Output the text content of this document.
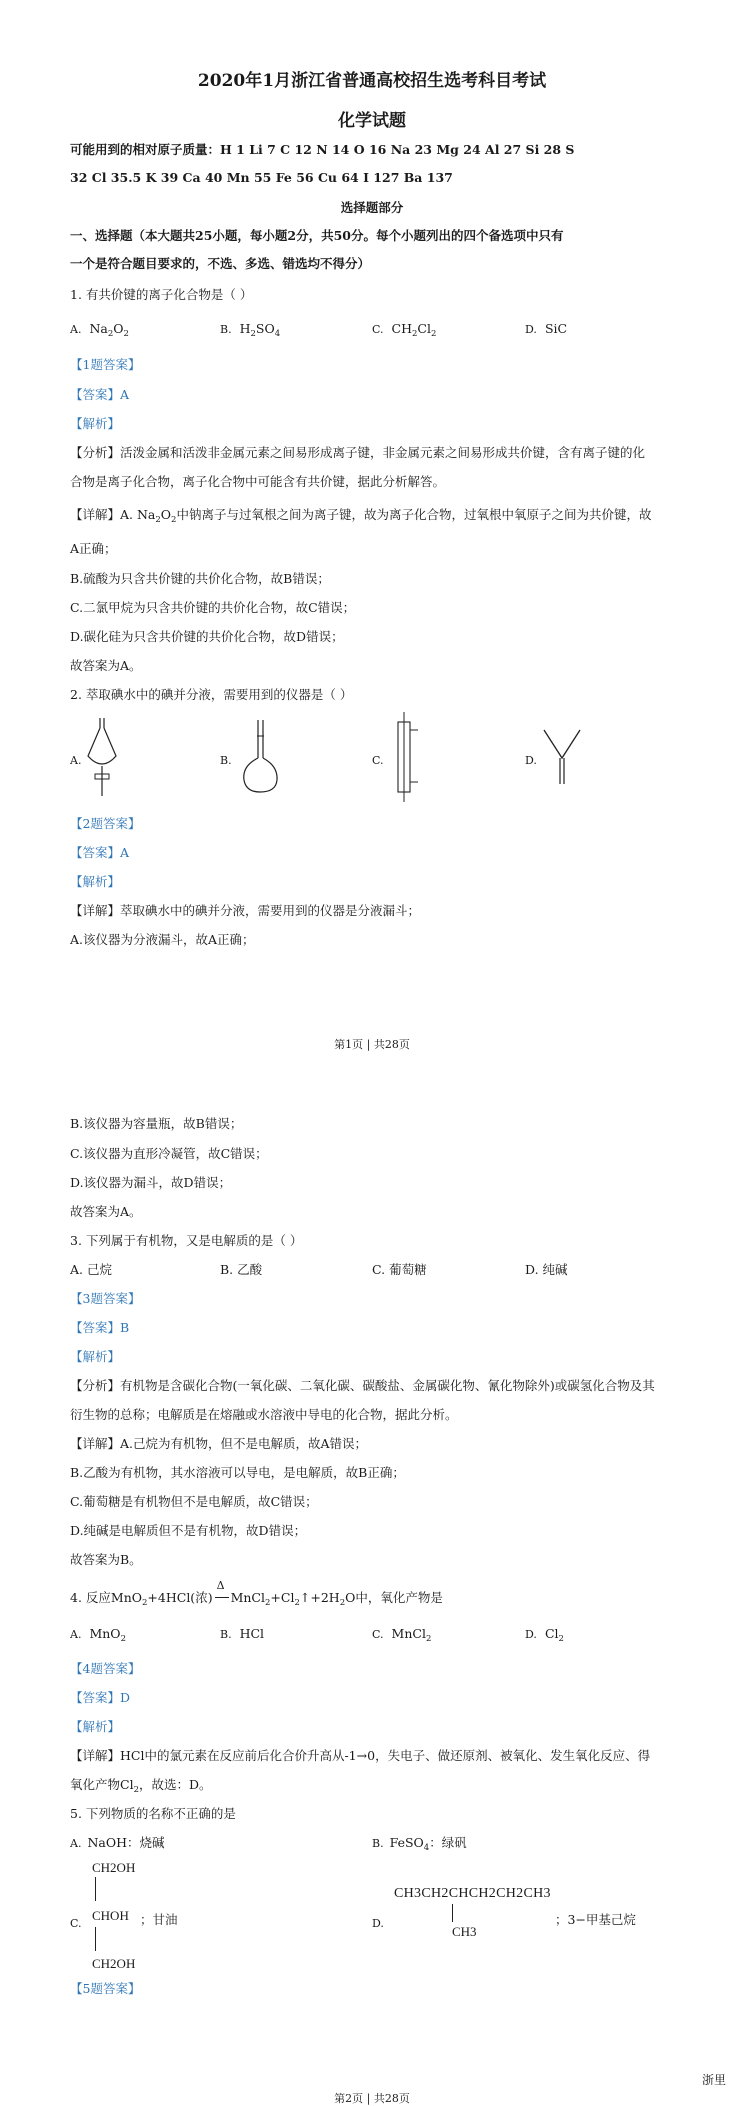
2020年1月浙江省普通高校招生选考科目考试
化学试题
可能用到的相对原子质量：H 1 Li 7 C 12 N 14 O 16 Na 23 Mg 24 Al 27 Si 28 S
32 Cl 35.5 K 39 Ca 40 Mn 55 Fe 56 Cu 64 I 127 Ba 137
选择题部分
一、选择题（本大题共25小题，每小题2分，共50分。每个小题列出的四个备选项中只有
一个是符合题目要求的，不选、多选、错选均不得分）
1. 有共价键的离子化合物是（ ）
A. $Na_2O_2$	B. $H_2SO_4$	C. $CH_2Cl_2$	D. SiC
【1题答案】
【答案】A
【解析】
【分析】活泼金属和活泼非金属元素之间易形成离子键，非金属元素之间易形成共价键，含有离子键的化
合物是离子化合物，离子化合物中可能含有共价键，据此分析解答。
【详解】A. $Na_2O_2$中钠离子与过氧根之间为离子键，故为离子化合物，过氧根中氧原子之间为共价键，故
A正确；
B.硫酸为只含共价键的共价化合物，故B错误；
C.二氯甲烷为只含共价键的共价化合物，故C错误；
D.碳化硅为只含共价键的共价化合物，故D错误；
故答案为A。
2. 萃取碘水中的碘并分液，需要用到的仪器是（ ）
A.	B.	C.	D.
【2题答案】
【答案】A
【解析】
【详解】萃取碘水中的碘并分液，需要用到的仪器是分液漏斗；
A.该仪器为分液漏斗，故A正确；
第1页 | 共28页
B.该仪器为容量瓶，故B错误；
C.该仪器为直形冷凝管，故C错误；
D.该仪器为漏斗，故D错误；
故答案为A。
3. 下列属于有机物，又是电解质的是（ ）
A. 己烷	B. 乙酸	C. 葡萄糖	D. 纯碱
【3题答案】
【答案】B
【解析】
【分析】有机物是含碳化合物(一氧化碳、二氧化碳、碳酸盐、金属碳化物、氰化物除外)或碳氢化合物及其
衍生物的总称；电解质是在熔融或水溶液中导电的化合物，据此分析。
【详解】A.己烷为有机物，但不是电解质，故A错误；
B.乙酸为有机物，其水溶液可以导电，是电解质，故B正确；
C.葡萄糖是有机物但不是电解质，故C错误；
D.纯碱是电解质但不是有机物，故D错误；
故答案为B。
4. 反应MnO$_2$+4HCl(浓)
Δ
$MnCl_2+Cl_2↑+2H_2O$中，氧化产物是
A. MnO$_2$	B. HCl	C. MnCl$_2$	D. $Cl_2$
【4题答案】
【答案】D
【解析】
【详解】HCl中的氯元素在反应前后化合价升高从-1→0，失电子、做还原剂、被氧化、发生氧化反应、得
氧化产物$Cl_2$，故选：D。
5. 下列物质的名称不正确的是
A. NaOH：烧碱	B. FeSO$_4$：绿矾
C.
CH2OH
CHOH ；甘油
CH2OH
D.
CH3CH2CHCH2CH2CH3
CH3
；3−甲基己烷
【5题答案】
浙里
第2页 | 共28页
